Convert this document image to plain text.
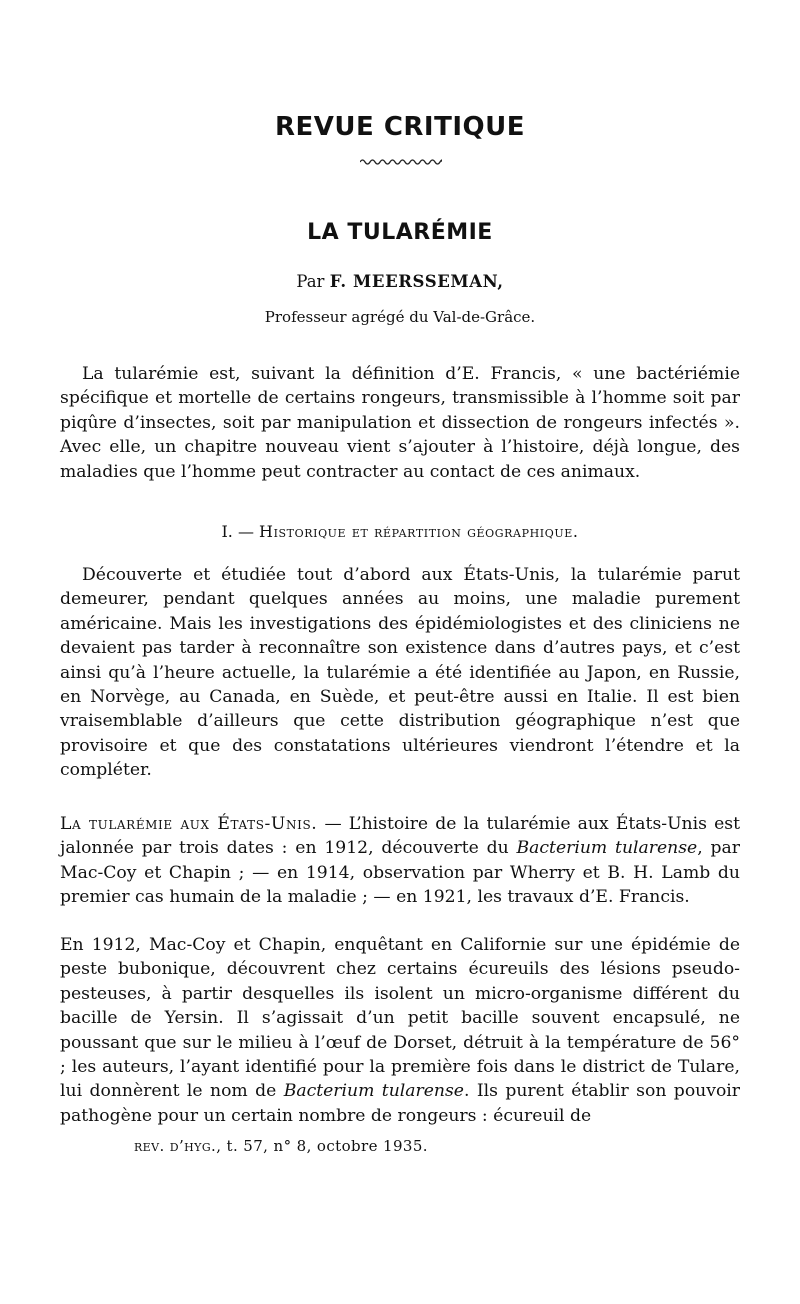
REVUE CRITIQUE
LA TULARÉMIE
Par F. MEERSSEMAN,
Professeur agrégé du Val-de-Grâce.

La tularémie est, suivant la définition d’E. Francis, « une bactériémie spécifique et mortelle de certains rongeurs, transmissible à l’homme soit par piqûre d’insectes, soit par manipulation et dissection de rongeurs infectés ». Avec elle, un chapitre nouveau vient s’ajouter à l’histoire, déjà longue, des maladies que l’homme peut contracter au contact de ces animaux.

I. — Historique et répartition géographique.

Découverte et étudiée tout d’abord aux États-Unis, la tularémie parut demeurer, pendant quelques années au moins, une maladie purement américaine. Mais les investigations des épidémiologistes et des cliniciens ne devaient pas tarder à reconnaître son existence dans d’autres pays, et c’est ainsi qu’à l’heure actuelle, la tularémie a été identifiée au Japon, en Russie, en Norvège, au Canada, en Suède, et peut-être aussi en Italie. Il est bien vraisemblable d’ailleurs que cette distribution géographique n’est que provisoire et que des constatations ultérieures viendront l’étendre et la compléter.

La tularémie aux États-Unis. — L’histoire de la tularémie aux États-Unis est jalonnée par trois dates : en 1912, découverte du Bacterium tularense, par Mac-Coy et Chapin ; — en 1914, observation par Wherry et B. H. Lamb du premier cas humain de la maladie ; — en 1921, les travaux d’E. Francis.

En 1912, Mac-Coy et Chapin, enquêtant en Californie sur une épidémie de peste bubonique, découvrent chez certains écureuils des lésions pseudo-pesteuses, à partir desquelles ils isolent un micro-organisme différent du bacille de Yersin. Il s’agissait d’un petit bacille souvent encapsulé, ne poussant que sur le milieu à l’œuf de Dorset, détruit à la température de 56° ; les auteurs, l’ayant identifié pour la première fois dans le district de Tulare, lui donnèrent le nom de Bacterium tularense. Ils purent établir son pouvoir pathogène pour un certain nombre de rongeurs : écureuil de

rev. d’hyg., t. 57, n° 8, octobre 1935.
